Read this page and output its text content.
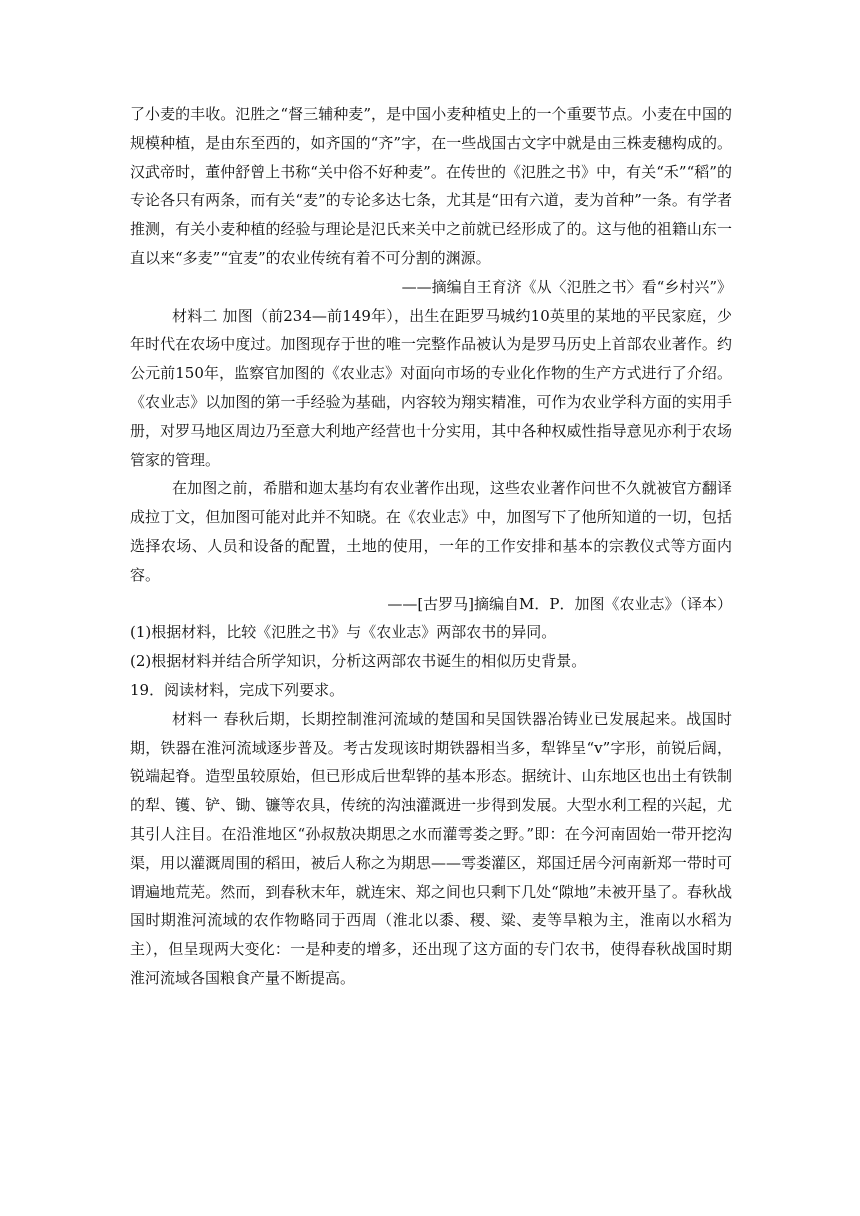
了小麦的丰收。氾胜之“督三辅种麦”，是中国小麦种植史上的一个重要节点。小麦在中国的规模种植，是由东至西的，如齐国的“齐”字，在一些战国古文字中就是由三株麦穗构成的。汉武帝时，董仲舒曾上书称“关中俗不好种麦”。在传世的《氾胜之书》中，有关“禾”“稻”的专论各只有两条，而有关“麦”的专论多达七条，尤其是“田有六道，麦为首种”一条。有学者推测，有关小麦种植的经验与理论是氾氏来关中之前就已经形成了的。这与他的祖籍山东一直以来“多麦”“宜麦”的农业传统有着不可分割的渊源。

——摘编自王育济《从〈氾胜之书〉看“乡村兴”》

材料二 加图（前234—前149年），出生在距罗马城约10英里的某地的平民家庭，少年时代在农场中度过。加图现存于世的唯一完整作品被认为是罗马历史上首部农业著作。约公元前150年，监察官加图的《农业志》对面向市场的专业化作物的生产方式进行了介绍。《农业志》以加图的第一手经验为基础，内容较为翔实精准，可作为农业学科方面的实用手册，对罗马地区周边乃至意大利地产经营也十分实用，其中各种权威性指导意见亦利于农场管家的管理。

在加图之前，希腊和迦太基均有农业著作出现，这些农业著作问世不久就被官方翻译成拉丁文，但加图可能对此并不知晓。在《农业志》中，加图写下了他所知道的一切，包括选择农场、人员和设备的配置，土地的使用，一年的工作安排和基本的宗教仪式等方面内容。

——[古罗马]摘编自M．P．加图《农业志》（译本）

(1)根据材料，比较《氾胜之书》与《农业志》两部农书的异同。

(2)根据材料并结合所学知识，分析这两部农书诞生的相似历史背景。

19．阅读材料，完成下列要求。

材料一 春秋后期，长期控制淮河流域的楚国和吴国铁器冶铸业已发展起来。战国时期，铁器在淮河流域逐步普及。考古发现该时期铁器相当多，犁铧呈“v”字形，前锐后阔，锐端起脊。造型虽较原始，但已形成后世犁铧的基本形态。据统计、山东地区也出土有铁制的犁、镬、铲、锄、镰等农具，传统的沟浊灌溉进一步得到发展。大型水利工程的兴起，尤其引人注目。在沿淮地区“孙叔敖决期思之水而灌雩娄之野。”即：在今河南固始一带开挖沟渠，用以灌溉周围的稻田，被后人称之为期思——雩娄灌区，郑国迁居今河南新郑一带时可谓遍地荒芜。然而，到春秋末年，就连宋、郑之间也只剩下几处“隙地”未被开垦了。春秋战国时期淮河流域的农作物略同于西周（淮北以黍、稷、粱、麦等旱粮为主，淮南以水稻为主），但呈现两大变化：一是种麦的增多，还出现了这方面的专门农书，使得春秋战国时期淮河流域各国粮食产量不断提高。
